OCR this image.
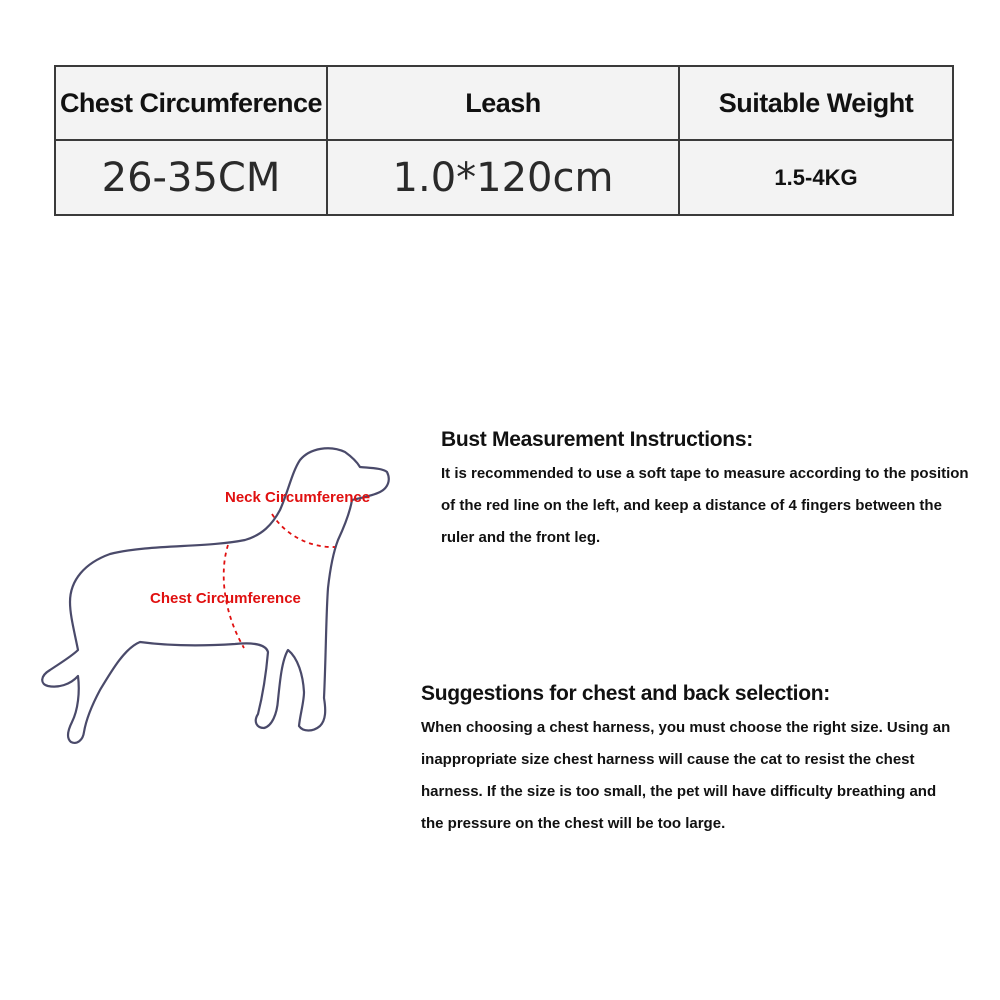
Chest Circumference	Leash	Suitable Weight
26-35CM	1.0*120cm	1.5-4KG
Neck Circumference
Chest Circumference
Bust Measurement Instructions:

It is recommended to use a soft tape to measure according to the position
of the red line on the left, and keep a distance of 4 fingers between the
ruler and the front leg.

Suggestions for chest and back selection:

When choosing a chest harness, you must choose the right size. Using an
inappropriate size chest harness will cause the cat to resist the chest
harness. If the size is too small, the pet will have difficulty breathing and
the pressure on the chest will be too large.
